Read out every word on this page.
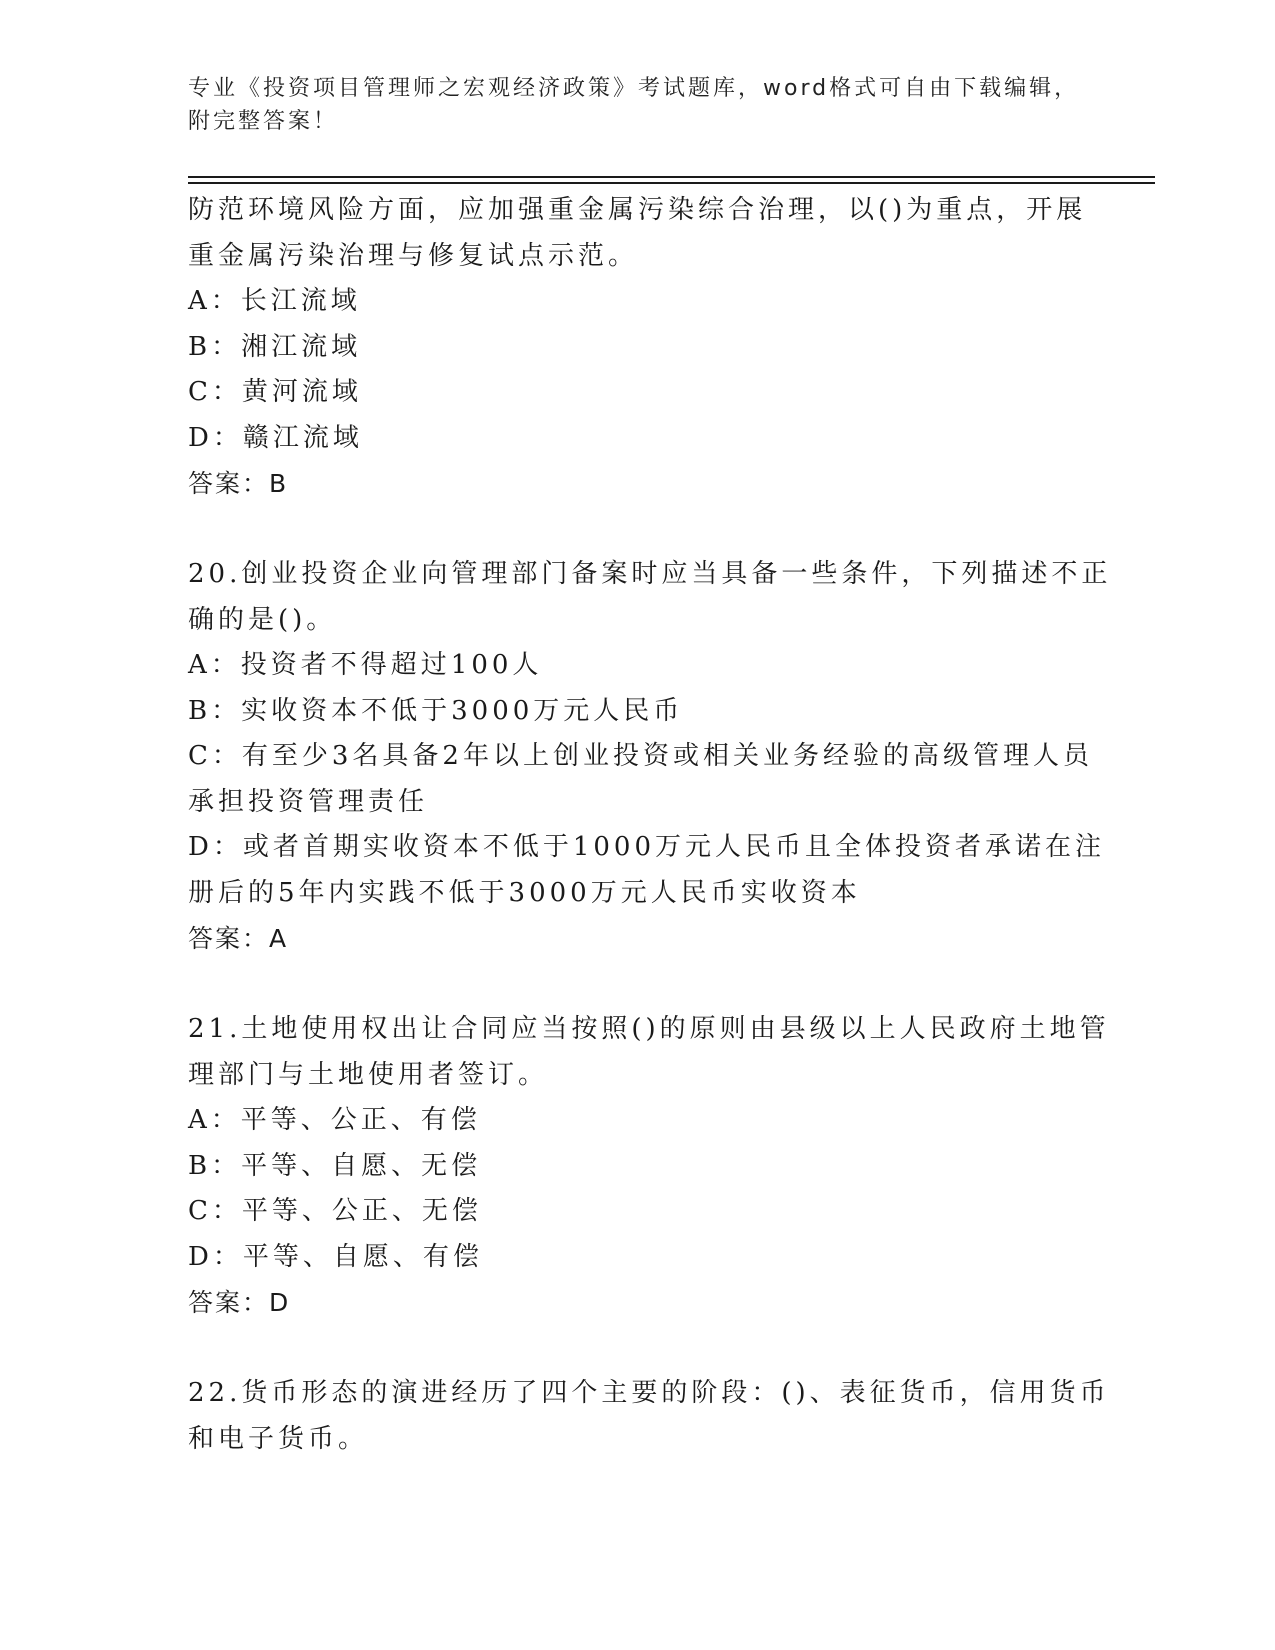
专业《投资项目管理师之宏观经济政策》考试题库，word格式可自由下载编辑，

附完整答案！

防范环境风险方面，应加强重金属污染综合治理，以()为重点，开展
重金属污染治理与修复试点示范。
A：长江流域
B：湘江流域
C：黄河流域
D：赣江流域
答案：B
20.创业投资企业向管理部门备案时应当具备一些条件，下列描述不正
确的是()。
A：投资者不得超过100人
B：实收资本不低于3000万元人民币
C：有至少3名具备2年以上创业投资或相关业务经验的高级管理人员
承担投资管理责任
D：或者首期实收资本不低于1000万元人民币且全体投资者承诺在注
册后的5年内实践不低于3000万元人民币实收资本
答案：A
21.土地使用权出让合同应当按照()的原则由县级以上人民政府土地管
理部门与土地使用者签订。
A：平等、公正、有偿
B：平等、自愿、无偿
C：平等、公正、无偿
D：平等、自愿、有偿
答案：D
22.货币形态的演进经历了四个主要的阶段：()、表征货币，信用货币
和电子货币。
